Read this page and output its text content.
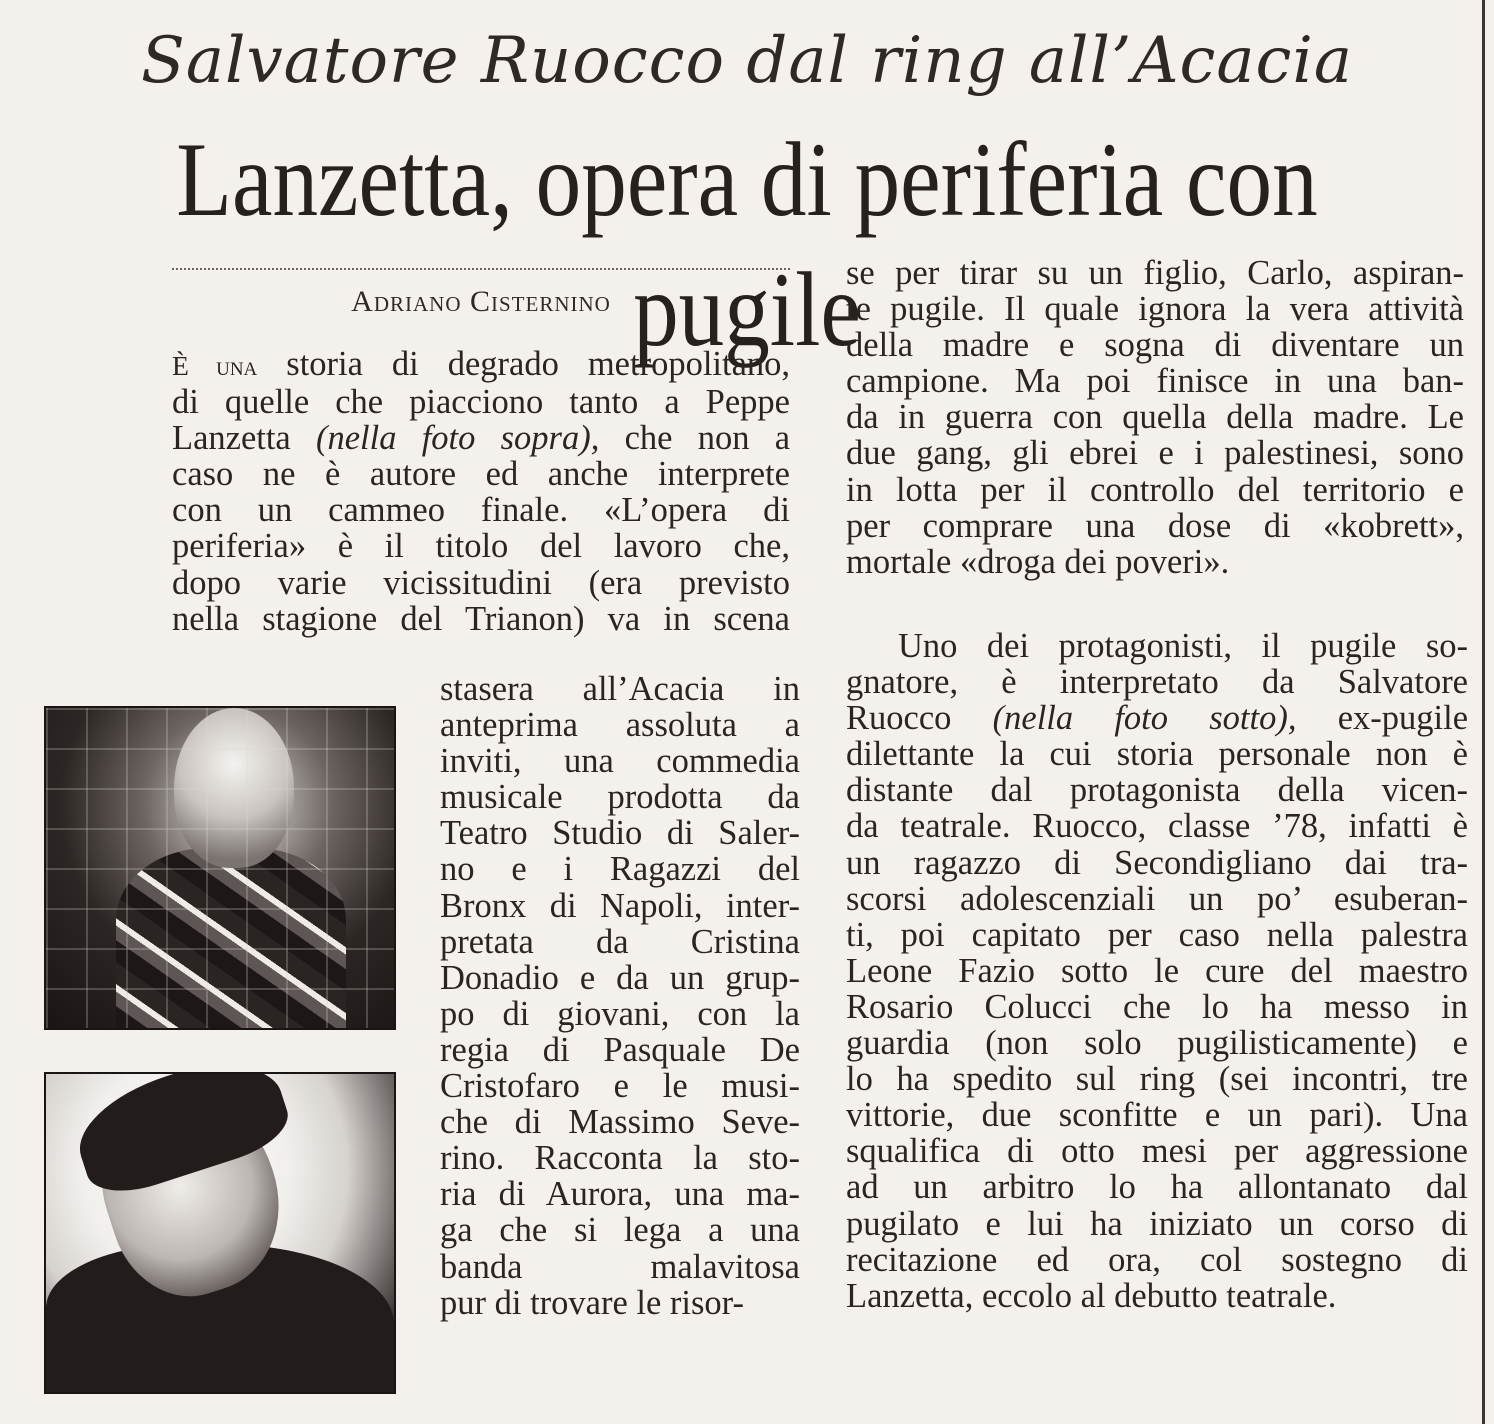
Salvatore Ruocco dal ring all’Acacia
Lanzetta, opera di periferia con pugile
Adriano Cisternino
È una storia di degrado metropolitano,
di quelle che piacciono tanto a Peppe
Lanzetta (nella foto sopra), che non a
caso ne è autore ed anche interprete
con un cammeo finale. «L’opera di
periferia» è il titolo del lavoro che,
dopo varie vicissitudini (era previsto
nella stagione del Trianon) va in scena
stasera all’Acacia in
anteprima assoluta a
inviti, una commedia
musicale prodotta da
Teatro Studio di Saler-
no e i Ragazzi del
Bronx di Napoli, inter-
pretata da Cristina
Donadio e da un grup-
po di giovani, con la
regia di Pasquale De
Cristofaro e le musi-
che di Massimo Seve-
rino. Racconta la sto-
ria di Aurora, una ma-
ga che si lega a una
banda malavitosa
pur di trovare le risor-
se per tirar su un figlio, Carlo, aspiran-
te pugile. Il quale ignora la vera attività
della madre e sogna di diventare un
campione. Ma poi finisce in una ban-
da in guerra con quella della madre. Le
due gang, gli ebrei e i palestinesi, sono
in lotta per il controllo del territorio e
per comprare una dose di «kobrett»,
mortale «droga dei poveri».
Uno dei protagonisti, il pugile so-
gnatore, è interpretato da Salvatore
Ruocco (nella foto sotto), ex-pugile
dilettante la cui storia personale non è
distante dal protagonista della vicen-
da teatrale. Ruocco, classe ’78, infatti è
un ragazzo di Secondigliano dai tra-
scorsi adolescenziali un po’ esuberan-
ti, poi capitato per caso nella palestra
Leone Fazio sotto le cure del maestro
Rosario Colucci che lo ha messo in
guardia (non solo pugilisticamente) e
lo ha spedito sul ring (sei incontri, tre
vittorie, due sconfitte e un pari). Una
squalifica di otto mesi per aggressione
ad un arbitro lo ha allontanato dal
pugilato e lui ha iniziato un corso di
recitazione ed ora, col sostegno di
Lanzetta, eccolo al debutto teatrale.
